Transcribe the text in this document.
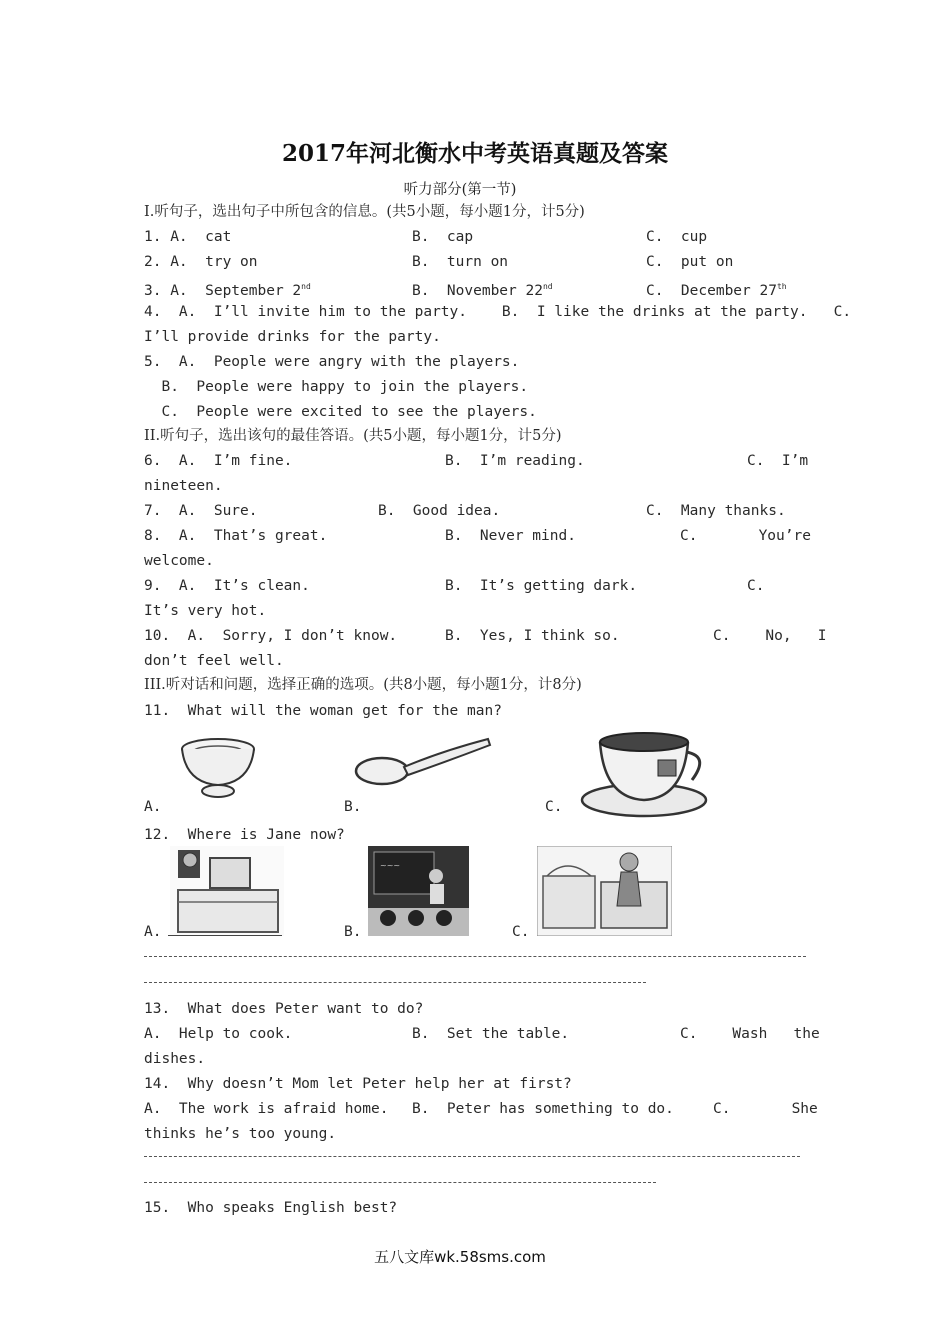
2017年河北衡水中考英语真题及答案
听力部分(第一节)
I.听句子，选出句子中所包含的信息。(共5小题，每小题1分，计5分)
1. A.  cat	B.  cap	C.  cup
2. A.  try on	B.  turn on	C.  put on
3. A.  September 2nd	B.  November 22nd	C.  December 27th
4.  A.  I’ll invite him to the party.    B.  I like the drinks at the party.   C.
I’ll provide drinks for the party.
5.  A.  People were angry with the players.
B.  People were happy to join the players.
C.  People were excited to see the players.
II.听句子，选出该句的最佳答语。(共5小题，每小题1分，计5分)
6.  A.  I’m fine.	B.  I’m reading.	C.  I’m
nineteen.
7.  A.  Sure.	B.  Good idea.	C.  Many thanks.
8.  A.  That’s great.	B.  Never mind.	C.       You’re
welcome.
9.  A.  It’s clean.	B.  It’s getting dark.	C.
It’s very hot.
10.  A.  Sorry, I don’t know.	B.  Yes, I think so.	C.    No,   I
don’t feel well.
III.听对话和问题，选择正确的选项。(共8小题，每小题1分，计8分)
11.  What will the woman get for the man?
A.	B.	C.
12.  Where is Jane now?
~~~
A.	B.	C.
13.  What does Peter want to do?
A.  Help to cook.	B.  Set the table.	C.    Wash   the
dishes.
14.  Why doesn’t Mom let Peter help her at first?
A.  The work is afraid home. B.  Peter has something to do.	C.       She
thinks he’s too young.
15.  Who speaks English best?
五八文库wk.58sms.com
